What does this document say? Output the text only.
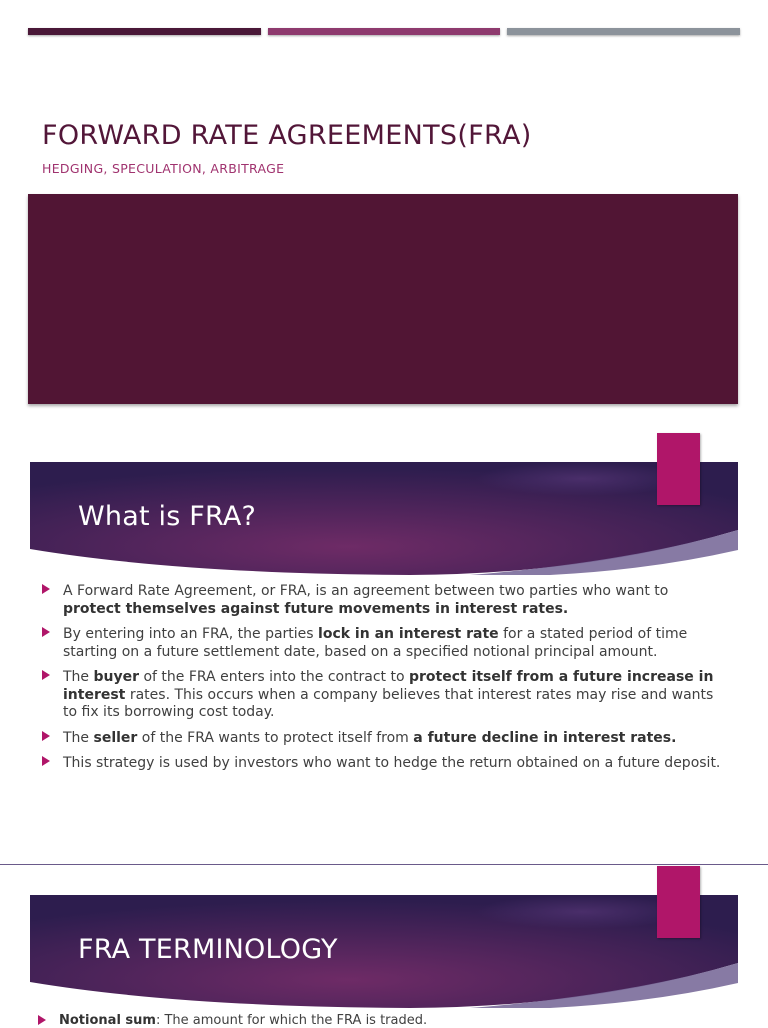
FORWARD RATE AGREEMENTS(FRA)
HEDGING, SPECULATION, ARBITRAGE
What is FRA?
A Forward Rate Agreement, or FRA, is an agreement between two parties who want to protect themselves against future movements in interest rates.
By entering into an FRA, the parties lock in an interest rate for a stated period of time starting on a future settlement date, based on a specified notional principal amount.
The buyer of the FRA enters into the contract to protect itself from a future increase in interest rates. This occurs when a company believes that interest rates may rise and wants to fix its borrowing cost today.
The seller of the FRA wants to protect itself from a future decline in interest rates.
This strategy is used by investors who want to hedge the return obtained on a future deposit.
FRA TERMINOLOGY
Notional sum: The amount for which the FRA is traded.
